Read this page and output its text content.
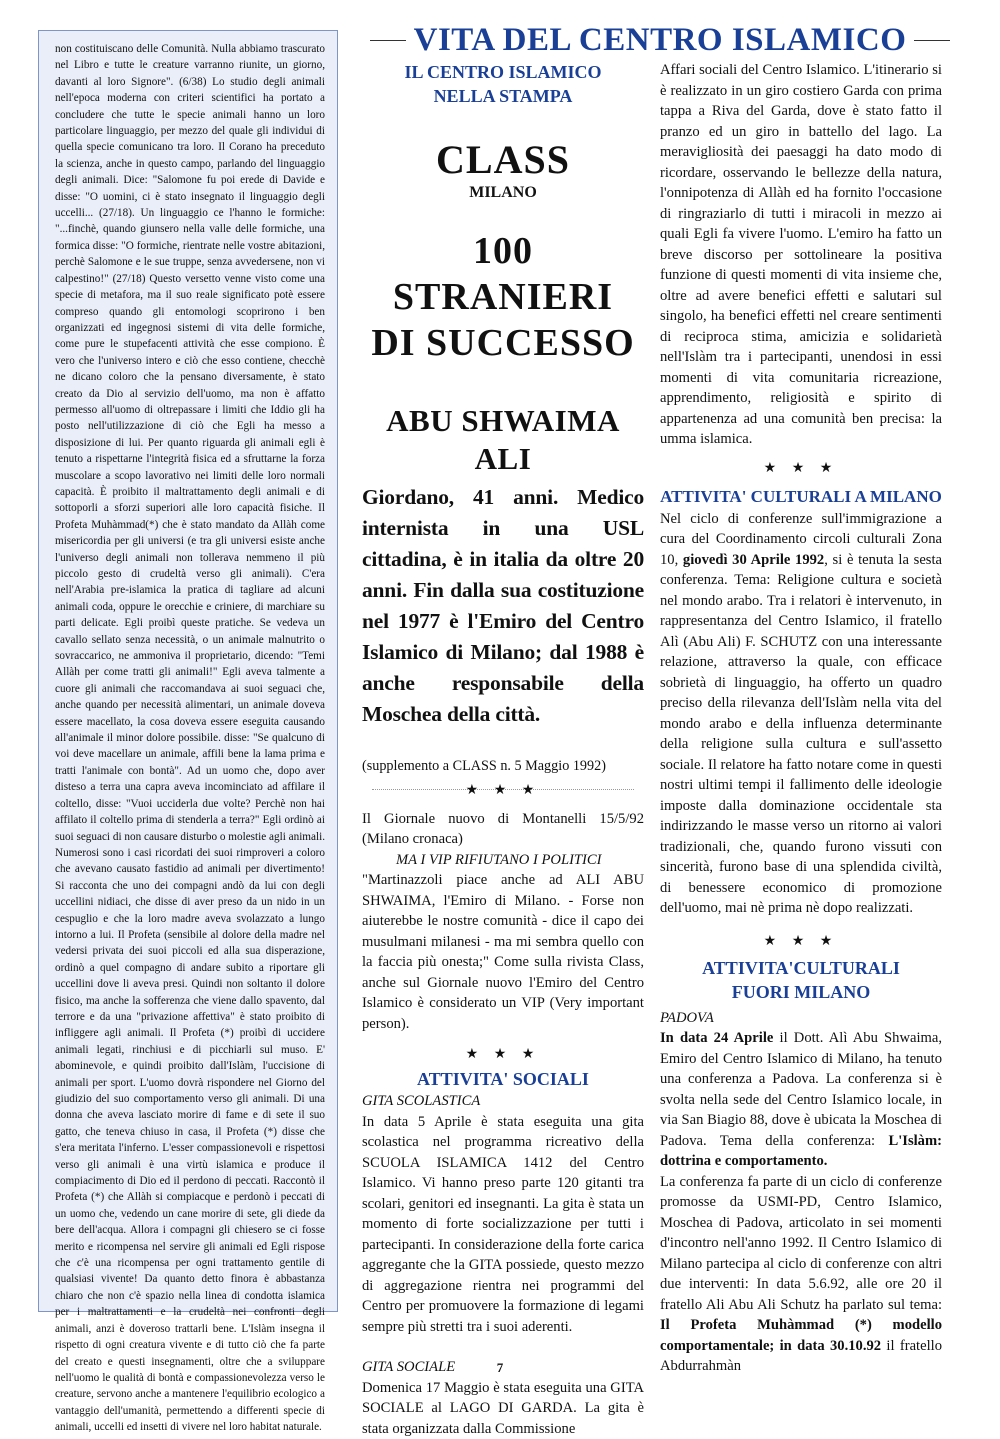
non costituiscano delle Comunità. Nulla abbiamo trascurato nel Libro e tutte le creature varranno riunite, un giorno, davanti al loro Signore". (6/38) Lo studio degli animali nell'epoca moderna con criteri scientifici ha portato a concludere che tutte le specie animali hanno un loro particolare linguaggio, per mezzo del quale gli individui di quella specie comunicano tra loro. Il Corano ha preceduto la scienza, anche in questo campo, parlando del linguaggio degli animali. Dice: "Salomone fu poi erede di Davide e disse: "O uomini, ci è stato insegnato il linguaggio degli uccelli... (27/18). Un linguaggio ce l'hanno le formiche: "...finchè, quando giunsero nella valle delle formiche, una formica disse: "O formiche, rientrate nelle vostre abitazioni, perchè Salomone e le sue truppe, senza avvedersene, non vi calpestino!" (27/18) Questo versetto venne visto come una specie di metafora, ma il suo reale significato potè essere compreso quando gli entomologi scoprirono i ben organizzati ed ingegnosi sistemi di vita delle formiche, come pure le stupefacenti attività che esse compiono. È vero che l'universo intero e ciò che esso contiene, checchè ne dicano coloro che la pensano diversamente, è stato creato da Dio al servizio dell'uomo, ma non è affatto permesso all'uomo di oltrepassare i limiti che Iddio gli ha posto nell'utilizzazione di ciò che Egli ha messo a disposizione di lui. Per quanto riguarda gli animali egli è tenuto a rispettarne l'integrità fisica ed a sfruttarne la forza muscolare a scopo lavorativo nei limiti delle loro normali capacità. È proibito il maltrattamento degli animali e di sottoporli a sforzi superiori alle loro capacità fisiche. Il Profeta Muhàmmad(*) che è stato mandato da Allàh come misericordia per gli universi (e tra gli universi esiste anche l'universo degli animali non tollerava nemmeno il più piccolo gesto di crudeltà verso gli animali). C'era nell'Arabia pre-islamica la pratica di tagliare ad alcuni animali coda, oppure le orecchie e criniere, di marchiare su parti delicate. Egli proibì queste pratiche. Se vedeva un cavallo sellato senza necessità, o un animale malnutrito o sovraccarico, ne ammoniva il proprietario, dicendo: "Temi Allàh per come tratti gli animali!" Egli aveva talmente a cuore gli animali che raccomandava ai suoi seguaci che, anche quando per necessità alimentari, un animale doveva essere macellato, la cosa doveva essere eseguita causando all'animale il minor dolore possibile. disse: "Se qualcuno di voi deve macellare un animale, affili bene la lama prima e tratti l'animale con bontà". Ad un uomo che, dopo aver disteso a terra una capra aveva incominciato ad affilare il coltello, disse: "Vuoi ucciderla due volte? Perchè non hai affilato il coltello prima di stenderla a terra?" Egli ordinò ai suoi seguaci di non causare disturbo o molestie agli animali. Numerosi sono i casi ricordati dei suoi rimproveri a coloro che avevano causato fastidio ad animali per divertimento! Si racconta che uno dei compagni andò da lui con degli uccellini nidiaci, che disse di aver preso da un nido in un cespuglio e che la loro madre aveva svolazzato a lungo intorno a lui. Il Profeta (sensibile al dolore della madre nel vedersi privata dei suoi piccoli ed alla sua disperazione, ordinò a quel compagno di andare subito a riportare gli uccellini dove li aveva presi. Quindi non soltanto il dolore fisico, ma anche la sofferenza che viene dallo spavento, dal terrore e da una "privazione affettiva" è stato proibito di infliggere agli animali. Il Profeta (*) proibì di uccidere animali legati, rinchiusi e di picchiarli sul muso. E' abominevole, e quindi proibito dall'Islàm, l'uccisione di animali per sport. L'uomo dovrà rispondere nel Giorno del giudizio del suo comportamento verso gli animali. Di una donna che aveva lasciato morire di fame e di sete il suo gatto, che teneva chiuso in casa, il Profeta (*) disse che s'era meritata l'inferno. L'esser compassionevoli e rispettosi verso gli animali è una virtù islamica e produce il compiacimento di Dio ed il perdono di peccati. Raccontò il Profeta (*) che Allàh si compiacque e perdonò i peccati di un uomo che, vedendo un cane morire di sete, gli diede da bere dell'acqua. Allora i compagni gli chiesero se ci fosse merito e ricompensa nel servire gli animali ed Egli rispose che c'è una ricompensa per ogni trattamento gentile di qualsiasi vivente! Da quanto detto finora è abbastanza chiaro che non c'è spazio nella linea di condotta islamica per i maltrattamenti e la crudeltà nei confronti degli animali, anzi è doveroso trattarli bene. L'Islàm insegna il rispetto di ogni creatura vivente e di tutto ciò che fa parte del creato e questi insegnamenti, oltre che a sviluppare nell'uomo le qualità di bontà e compassionevolezza verso le creature, servono anche a mantenere l'equilibrio ecologico a vantaggio dell'umanità, permettendo a differenti specie di animali, uccelli ed insetti di vivere nel loro habitat naturale.

VITA DEL CENTRO ISLAMICO

IL CENTRO ISLAMICO

NELLA STAMPA

CLASS

MILANO

100 STRANIERI

DI SUCCESSO

ABU SHWAIMA ALI

Giordano, 41 anni. Medico internista in una USL cittadina, è in italia da oltre 20 anni. Fin dalla sua costituzione nel 1977 è l'Emiro del Centro Islamico di Milano; dal 1988 è anche responsabile della Moschea della città.

(supplemento a CLASS n. 5 Maggio 1992)

★ ★ ★

Il Giornale nuovo di Montanelli 15/5/92 (Milano cronaca)

MA I VIP RIFIUTANO I POLITICI

"Martinazzoli piace anche ad ALI ABU SHWAIMA, l'Emiro di Milano. - Forse non aiuterebbe le nostre comunità - dice il capo dei musulmani milanesi - ma mi sembra quello con la faccia più onesta;" Come sulla rivista Class, anche sul Giornale nuovo l'Emiro del Centro Islamico è considerato un VIP (Very important person).

★ ★ ★

ATTIVITA' SOCIALI

GITA SCOLASTICA

In data 5 Aprile è stata eseguita una gita scolastica nel programma ricreativo della SCUOLA ISLAMICA 1412 del Centro Islamico. Vi hanno preso parte 120 gitanti tra scolari, genitori ed insegnanti. La gita è stata un momento di forte socializzazione per tutti i partecipanti. In considerazione della forte carica aggregante che la GITA possiede, questo mezzo di aggregazione rientra nei programmi del Centro per promuovere la formazione di legami sempre più stretti tra i suoi aderenti.

GITA SOCIALE

Domenica 17 Maggio è stata eseguita una GITA SOCIALE al LAGO DI GARDA. La gita è stata organizzata dalla Commissione

Affari sociali del Centro Islamico. L'itinerario si è realizzato in un giro costiero Garda con prima tappa a Riva del Garda, dove è stato fatto il pranzo ed un giro in battello del lago. La meravigliosità dei paesaggi ha dato modo di ricordare, osservando le bellezze della natura, l'onnipotenza di Allàh ed ha fornito l'occasione di ringraziarlo di tutti i miracoli in mezzo ai quali Egli fa vivere l'uomo. L'emiro ha fatto un breve discorso per sottolineare la positiva funzione di questi momenti di vita insieme che, oltre ad avere benefici effetti e salutari sul singolo, ha benefici effetti nel creare sentimenti di reciproca stima, amicizia e solidarietà nell'Islàm tra i partecipanti, unendosi in essi momenti di vita comunitaria ricreazione, apprendimento, religiosità e spirito di appartenenza ad una comunità ben precisa: la umma islamica.

★ ★ ★

ATTIVITA' CULTURALI A MILANO

Nel ciclo di conferenze sull'immigrazione a cura del Coordinamento circoli culturali Zona 10, giovedì 30 Aprile 1992, si è tenuta la sesta conferenza. Tema: Religione cultura e società nel mondo arabo. Tra i relatori è intervenuto, in rappresentanza del Centro Islamico, il fratello Alì (Abu Ali) F. SCHUTZ con una interessante relazione, attraverso la quale, con efficace sobrietà di linguaggio, ha offerto un quadro preciso della rilevanza dell'Islàm nella vita del mondo arabo e della influenza determinante della religione sulla cultura e sull'assetto sociale. Il relatore ha fatto notare come in questi nostri ultimi tempi il fallimento delle ideologie imposte dalla dominazione occidentale sta indirizzando le masse verso un ritorno ai valori tradizionali, che, quando furono vissuti con sincerità, furono base di una splendida civiltà, di benessere economico di promozione dell'uomo, mai nè prima nè dopo realizzati.

★ ★ ★

ATTIVITA'CULTURALI

FUORI MILANO

PADOVA

In data 24 Aprile il Dott. Alì Abu Shwaima, Emiro del Centro Islamico di Milano, ha tenuto una conferenza a Padova. La conferenza si è svolta nella sede del Centro Islamico locale, in via San Biagio 88, dove è ubicata la Moschea di Padova. Tema della conferenza: L'Islàm: dottrina e comportamento.

La conferenza fa parte di un ciclo di conferenze promosse da USMI-PD, Centro Islamico, Moschea di Padova, articolato in sei momenti d'incontro nell'anno 1992. Il Centro Islamico di Milano partecipa al ciclo di conferenze con altri due interventi: In data 5.6.92, alle ore 20 il fratello Ali Abu Ali Schutz ha parlato sul tema: Il Profeta Muhàmmad (*) modello comportamentale; in data 30.10.92 il fratello Abdurrahmàn

7
